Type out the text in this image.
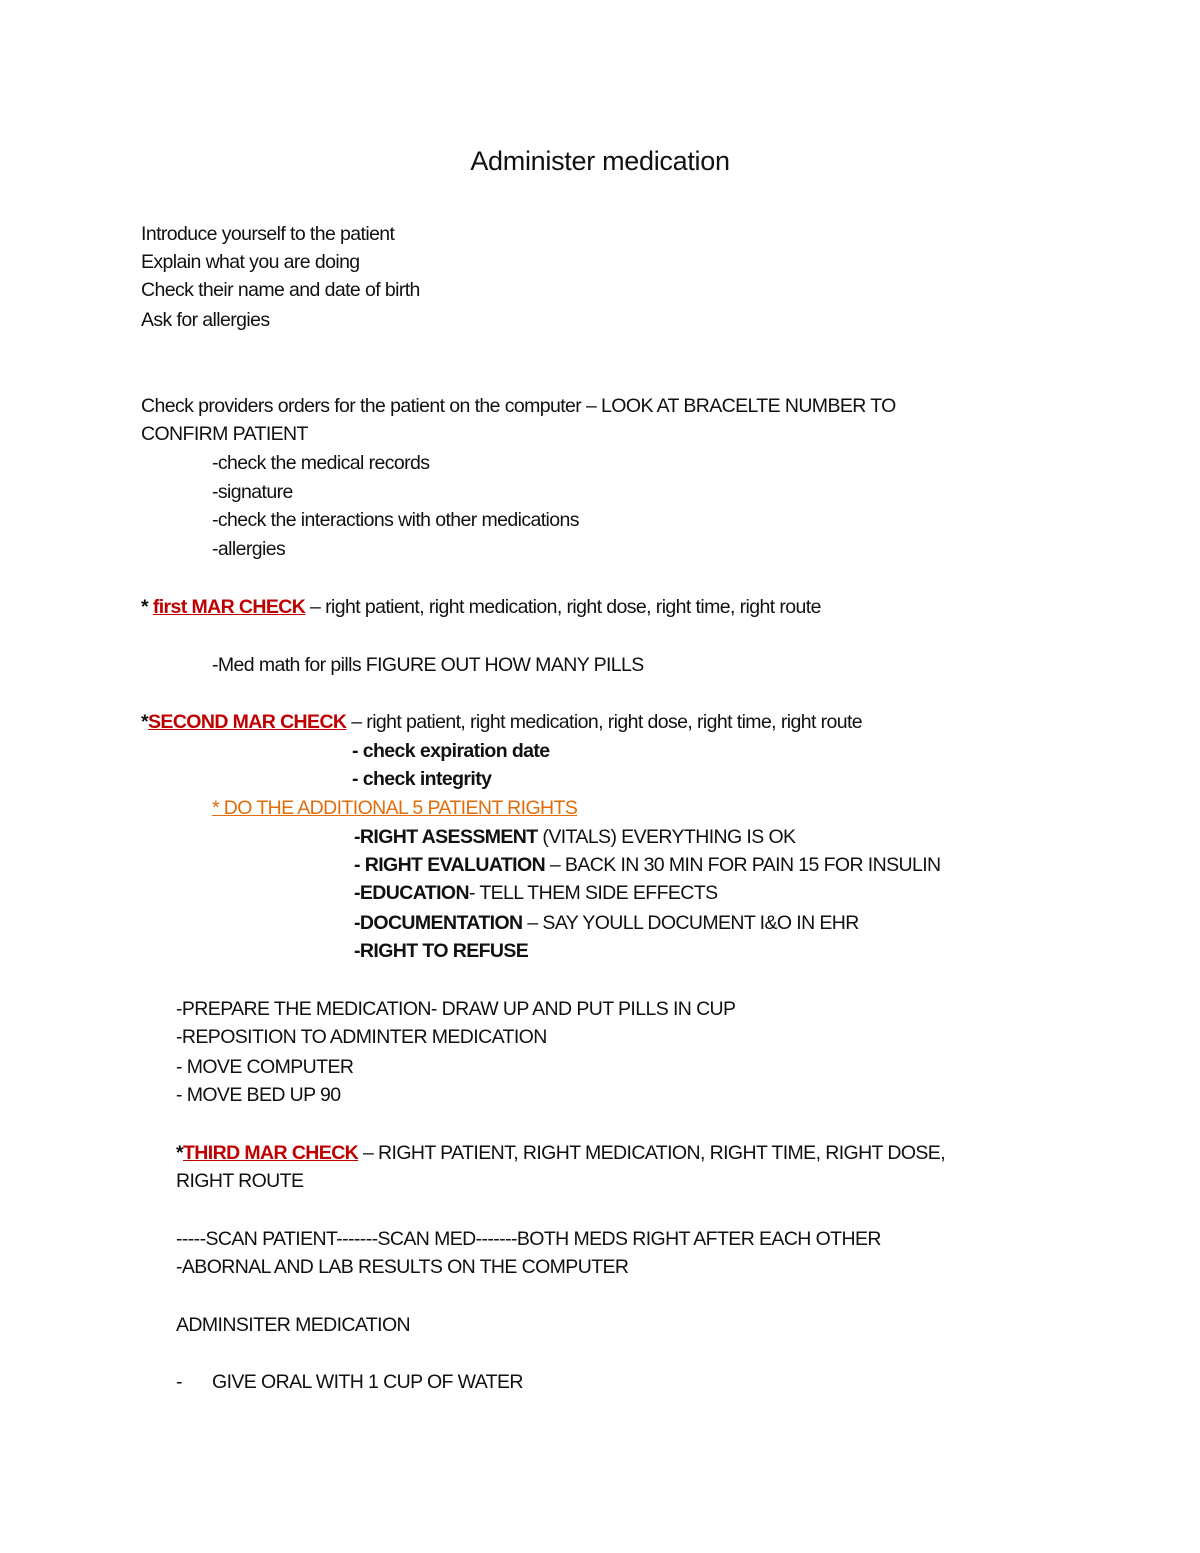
Administer medication
Introduce yourself to the patient
Explain what you are doing
Check their name and date of birth
Ask for allergies
Check providers orders for the patient on the computer – LOOK AT BRACELTE NUMBER TO
CONFIRM PATIENT
-check the medical records
-signature
-check the interactions with other medications
-allergies
* first MAR CHECK – right patient, right medication, right dose, right time, right route
-Med math for pills FIGURE OUT HOW MANY PILLS
*SECOND MAR CHECK – right patient, right medication, right dose, right time, right route
- check expiration date
- check integrity
* DO THE ADDITIONAL 5 PATIENT RIGHTS
-RIGHT ASESSMENT (VITALS) EVERYTHING IS OK
- RIGHT EVALUATION – BACK IN 30 MIN FOR PAIN 15 FOR INSULIN
-EDUCATION- TELL THEM SIDE EFFECTS
-DOCUMENTATION – SAY YOULL DOCUMENT I&O IN EHR
-RIGHT TO REFUSE
-PREPARE THE MEDICATION- DRAW UP AND PUT PILLS IN CUP
-REPOSITION TO ADMINTER MEDICATION
- MOVE COMPUTER
- MOVE BED UP 90
*THIRD MAR CHECK – RIGHT PATIENT, RIGHT MEDICATION, RIGHT TIME, RIGHT DOSE,
RIGHT ROUTE
-----SCAN PATIENT-------SCAN MED-------BOTH MEDS RIGHT AFTER EACH OTHER
-ABORNAL AND LAB RESULTS ON THE COMPUTER
ADMINSITER MEDICATION
- GIVE ORAL WITH 1 CUP OF WATER
